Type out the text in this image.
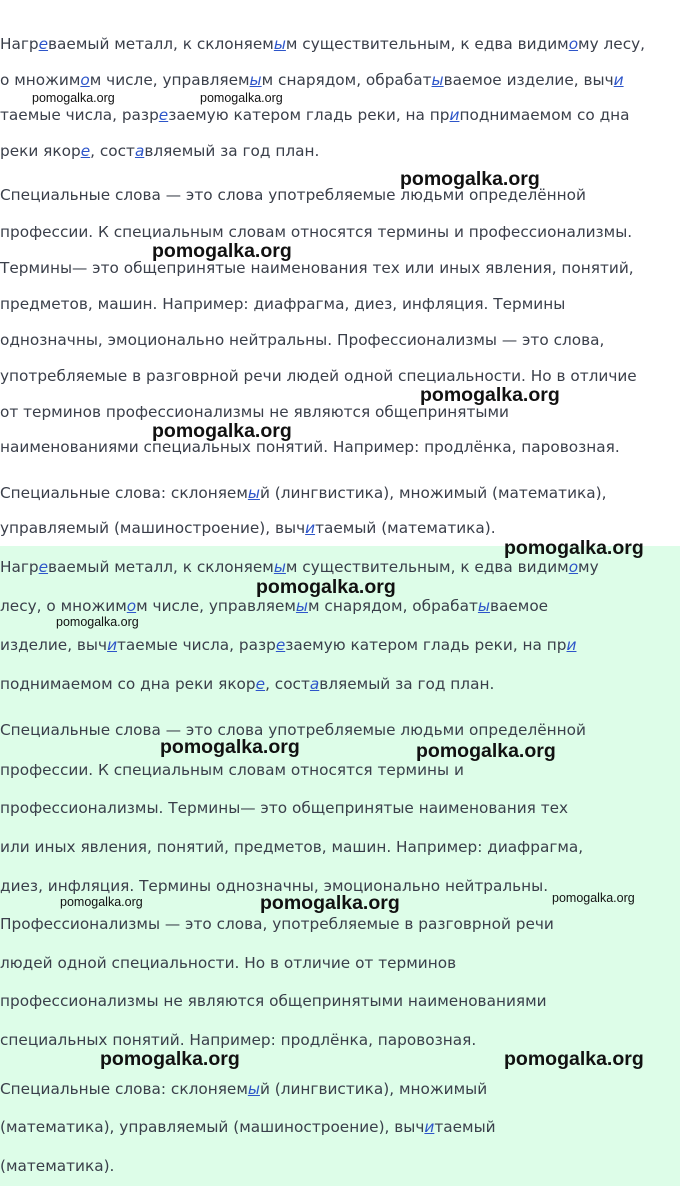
Нагреваемый металл, к склоняемым существительным, к едва видимому лесу,
о множимом числе, управляемым снарядом, обрабатываемое изделие, вычи
таемые числа, разрезаемую катером гладь реки, на приподнимаемом со дна
реки якоре, составляемый за год план.
Специальные слова — это слова употребляемые людьми определённой
профессии. К специальным словам относятся термины и профессионализмы.
Термины— это общепринятые наименования тех или иных явления, понятий,
предметов, машин. Например: диафрагма, диез, инфляция. Термины
однозначны, эмоционально нейтральны. Профессионализмы — это слова,
употребляемые в разговрной речи людей одной специальности. Но в отличие
от терминов профессионализмы не являются общепринятыми
наименованиями специальных понятий. Например: продлёнка, паровозная.
Специальные слова: склоняемый (лингвистика), множимый (математика),
управляемый (машиностроение), вычитаемый (математика).
Нагреваемый металл, к склоняемым существительным, к едва видимому
лесу, о множимом числе, управляемым снарядом, обрабатываемое
изделие, вычитаемые числа, разрезаемую катером гладь реки, на при
поднимаемом со дна реки якоре, составляемый за год план.
Специальные слова — это слова употребляемые людьми определённой
профессии. К специальным словам относятся термины и
профессионализмы. Термины— это общепринятые наименования тех
или иных явления, понятий, предметов, машин. Например: диафрагма,
диез, инфляция. Термины однозначны, эмоционально нейтральны.
Профессионализмы — это слова, употребляемые в разговрной речи
людей одной специальности. Но в отличие от терминов
профессионализмы не являются общепринятыми наименованиями
специальных понятий. Например: продлёнка, паровозная.
Специальные слова: склоняемый (лингвистика), множимый
(математика), управляемый (машиностроение), вычитаемый
(математика).
pomogalka.org	pomogalka.org
pomogalka.org
pomogalka.org
pomogalka.org
pomogalka.org
pomogalka.org
pomogalka.org
pomogalka.org
pomogalka.org	pomogalka.org
pomogalka.org	pomogalka.org	pomogalka.org
pomogalka.org	pomogalka.org
